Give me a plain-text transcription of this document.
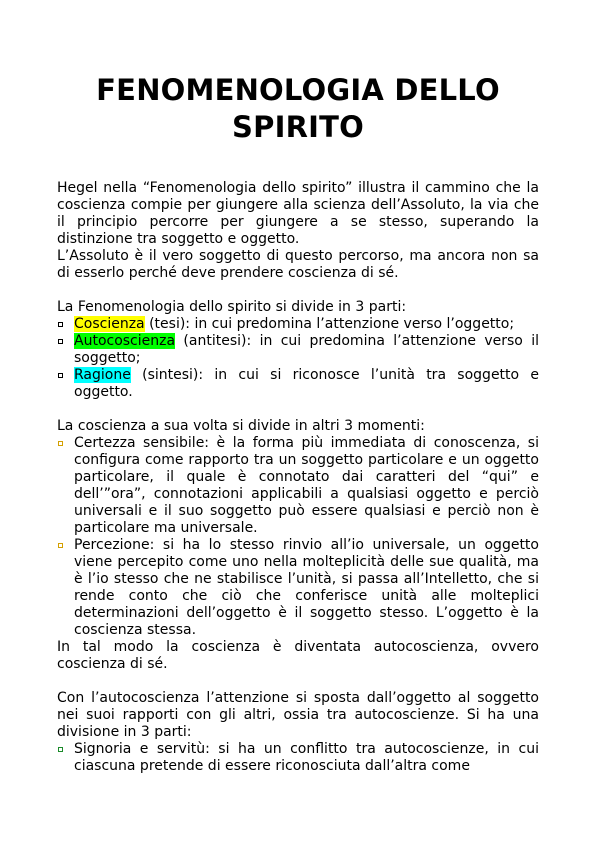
FENOMENOLOGIA DELLO SPIRITO

Hegel nella “Fenomenologia dello spirito” illustra il cammino che la coscienza compie per giungere alla scienza dell’Assoluto, la via che il principio percorre per giungere a se stesso, superando la distinzione tra soggetto e oggetto.

L’Assoluto è il vero soggetto di questo percorso, ma ancora non sa di esserlo perché deve prendere coscienza di sé.

La Fenomenologia dello spirito si divide in 3 parti:

Coscienza (tesi): in cui predomina l’attenzione verso l’oggetto;
Autocoscienza (antitesi): in cui predomina l’attenzione verso il soggetto;
Ragione (sintesi): in cui si riconosce l’unità tra soggetto e oggetto.

La coscienza a sua volta si divide in altri 3 momenti:

Certezza sensibile: è la forma più immediata di conoscenza, si configura come rapporto tra un soggetto particolare e un oggetto particolare, il quale è connotato dai caratteri del “qui” e dell’”ora”, connotazioni applicabili a qualsiasi oggetto e perciò universali e il suo soggetto può essere qualsiasi e perciò non è particolare ma universale.
Percezione: si ha lo stesso rinvio all’io universale, un oggetto viene percepito come uno nella molteplicità delle sue qualità, ma è l’io stesso che ne stabilisce l’unità, si passa all’Intelletto, che si rende conto che ciò che conferisce unità alle molteplici determinazioni dell’oggetto è il soggetto stesso. L’oggetto è la coscienza stessa.

In tal modo la coscienza è diventata autocoscienza, ovvero coscienza di sé.

Con l’autocoscienza l’attenzione si sposta dall’oggetto al soggetto nei suoi rapporti con gli altri, ossia tra autocoscienze. Si ha una divisione in 3 parti:

Signoria e servitù: si ha un conflitto tra autocoscienze, in cui ciascuna pretende di essere riconosciuta dall’altra come
